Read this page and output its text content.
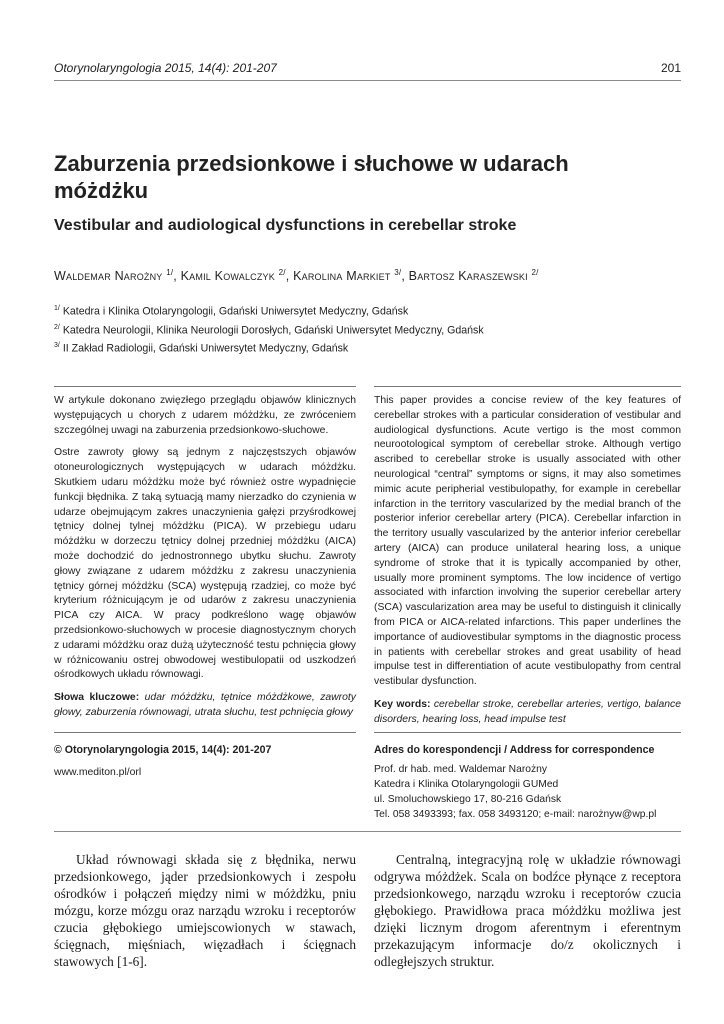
Otorynolaryngologia 2015, 14(4): 201-207	201
Zaburzenia przedsionkowe i słuchowe w udarach móżdżku
Vestibular and audiological dysfunctions in cerebellar stroke
Waldemar Narożny $^{1/}$, Kamil Kowalczyk $^{2/}$, Karolina Markiet $^{3/}$, Bartosz Karaszewski $^{2/}$
$^{1/}$ Katedra i Klinika Otolaryngologii, Gdański Uniwersytet Medyczny, Gdańsk
$^{2/}$ Katedra Neurologii, Klinika Neurologii Dorosłych, Gdański Uniwersytet Medyczny, Gdańsk
$^{3/}$ II Zakład Radiologii, Gdański Uniwersytet Medyczny, Gdańsk

W artykule dokonano zwięzłego przeglądu objawów klinicznych występujących u chorych z udarem móżdżku, ze zwróceniem szczególnej uwagi na zaburzenia przedsionkowo-słuchowe.

Ostre zawroty głowy są jednym z najczęstszych objawów otoneurologicznych występujących w udarach móżdżku. Skutkiem udaru móżdżku może być również ostre wypadnięcie funkcji błędnika. Z taką sytuacją mamy nierzadko do czynienia w udarze obejmującym zakres unaczynienia gałęzi przyśrodkowej tętnicy dolnej tylnej móżdżku (PICA). W przebiegu udaru móżdżku w dorzeczu tętnicy dolnej przedniej móżdżku (AICA) może dochodzić do jednostronnego ubytku słuchu. Zawroty głowy związane z udarem móżdżku z zakresu unaczynienia tętnicy górnej móżdżku (SCA) występują rzadziej, co może być kryterium różnicującym je od udarów z zakresu unaczynienia PICA czy AICA. W pracy podkreślono wagę objawów przedsionkowo-słuchowych w procesie diagnostycznym chorych z udarami móżdżku oraz dużą użyteczność testu pchnięcia głowy w różnicowaniu ostrej obwodowej westibulopatii od uszkodzeń ośrodkowych układu równowagi.

Słowa kluczowe: udar móżdżku, tętnice móżdżkowe, zawroty głowy, zaburzenia równowagi, utrata słuchu, test pchnięcia głowy

This paper provides a concise review of the key features of cerebellar strokes with a particular consideration of vestibular and audiological dysfunctions. Acute vertigo is the most common neurootological symptom of cerebellar stroke. Although vertigo ascribed to cerebellar stroke is usually associated with other neurological “central” symptoms or signs, it may also sometimes mimic acute peripherial vestibulopathy, for example in cerebellar infarction in the territory vascularized by the medial branch of the posterior inferior cerebellar artery (PICA). Cerebellar infarction in the territory usually vascularized by the anterior inferior cerebellar artery (AICA) can produce unilateral hearing loss, a unique syndrome of stroke that it is typically accompanied by other, usually more prominent symptoms. The low incidence of vertigo associated with infarction involving the superior cerebellar artery (SCA) vascularization area may be useful to distinguish it clinically from PICA or AICA-related infarctions. This paper underlines the importance of audiovestibular symptoms in the diagnostic process in patients with cerebellar strokes and great usability of head impulse test in differentiation of acute vestibulopathy from central vestibular dysfunction.

Key words: cerebellar stroke, cerebellar arteries, vertigo, balance disorders, hearing loss, head impulse test

© Otorynolaryngologia 2015, 14(4): 201-207
www.mediton.pl/orl
Adres do korespondencji / Address for correspondence
Prof. dr hab. med. Waldemar Narożny
Katedra i Klinika Otolaryngologii GUMed
ul. Smoluchowskiego 17, 80-216 Gdańsk
Tel. 058 3493393; fax. 058 3493120; e-mail: narożnyw@wp.pl

Układ równowagi składa się z błędnika, nerwu przedsionkowego, jąder przedsionkowych i zespołu ośrodków i połączeń między nimi w móżdżku, pniu mózgu, korze mózgu oraz narządu wzroku i receptorów czucia głębokiego umiejscowionych w stawach, ścięgnach, mięśniach, więzadłach i ścięgnach stawowych [1-6].

Centralną, integracyjną rolę w układzie równowagi odgrywa móżdżek. Scala on bodźce płynące z receptora przedsionkowego, narządu wzroku i receptorów czucia głębokiego. Prawidłowa praca móżdżku możliwa jest dzięki licznym drogom aferentnym i eferentnym przekazującym informacje do/z okolicznych i odległejszych struktur.
